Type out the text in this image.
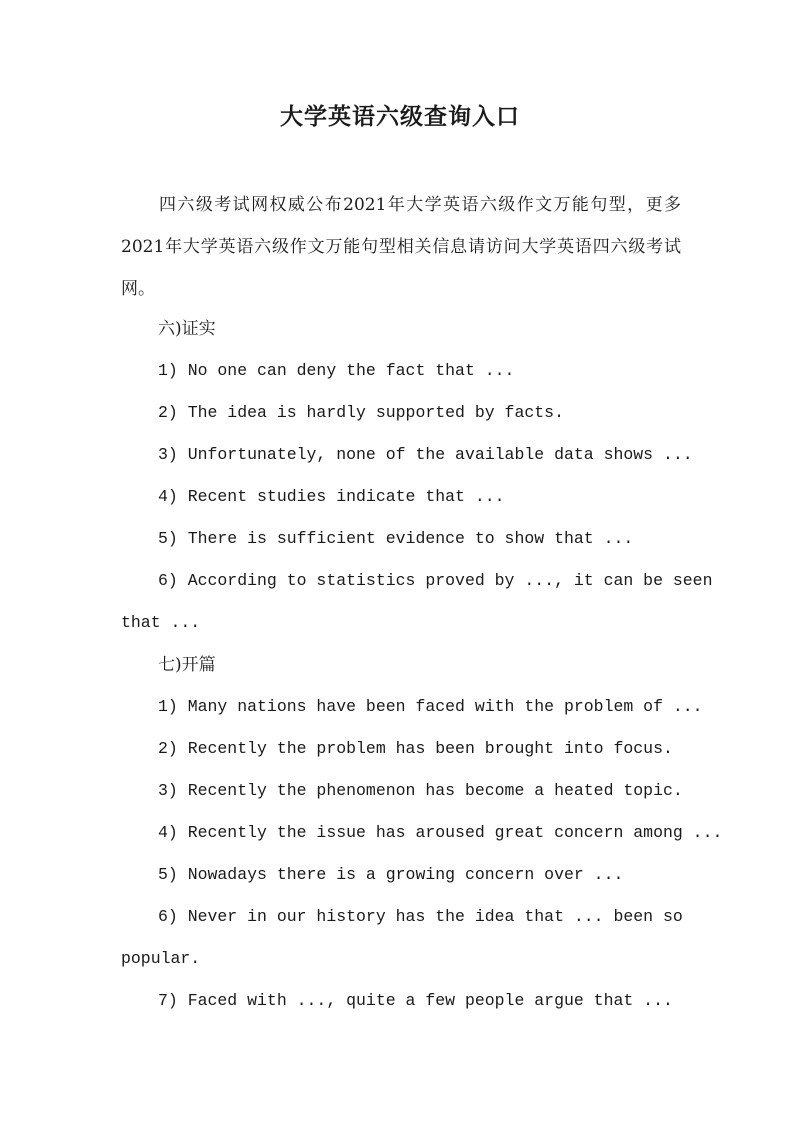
大学英语六级查询入口
四六级考试网权威公布2021年大学英语六级作文万能句型，更多2021年大学英语六级作文万能句型相关信息请访问大学英语四六级考试网。
六)证实
1) No one can deny the fact that ...
2) The idea is hardly supported by facts.
3) Unfortunately, none of the available data shows ...
4) Recent studies indicate that ...
5) There is sufficient evidence to show that ...
6) According to statistics proved by ..., it can be seen
that ...
七)开篇
1) Many nations have been faced with the problem of ...
2) Recently the problem has been brought into focus.
3) Recently the phenomenon has become a heated topic.
4) Recently the issue has aroused great concern among ...
5) Nowadays there is a growing concern over ...
6) Never in our history has the idea that ... been so
popular.
7) Faced with ..., quite a few people argue that ...
